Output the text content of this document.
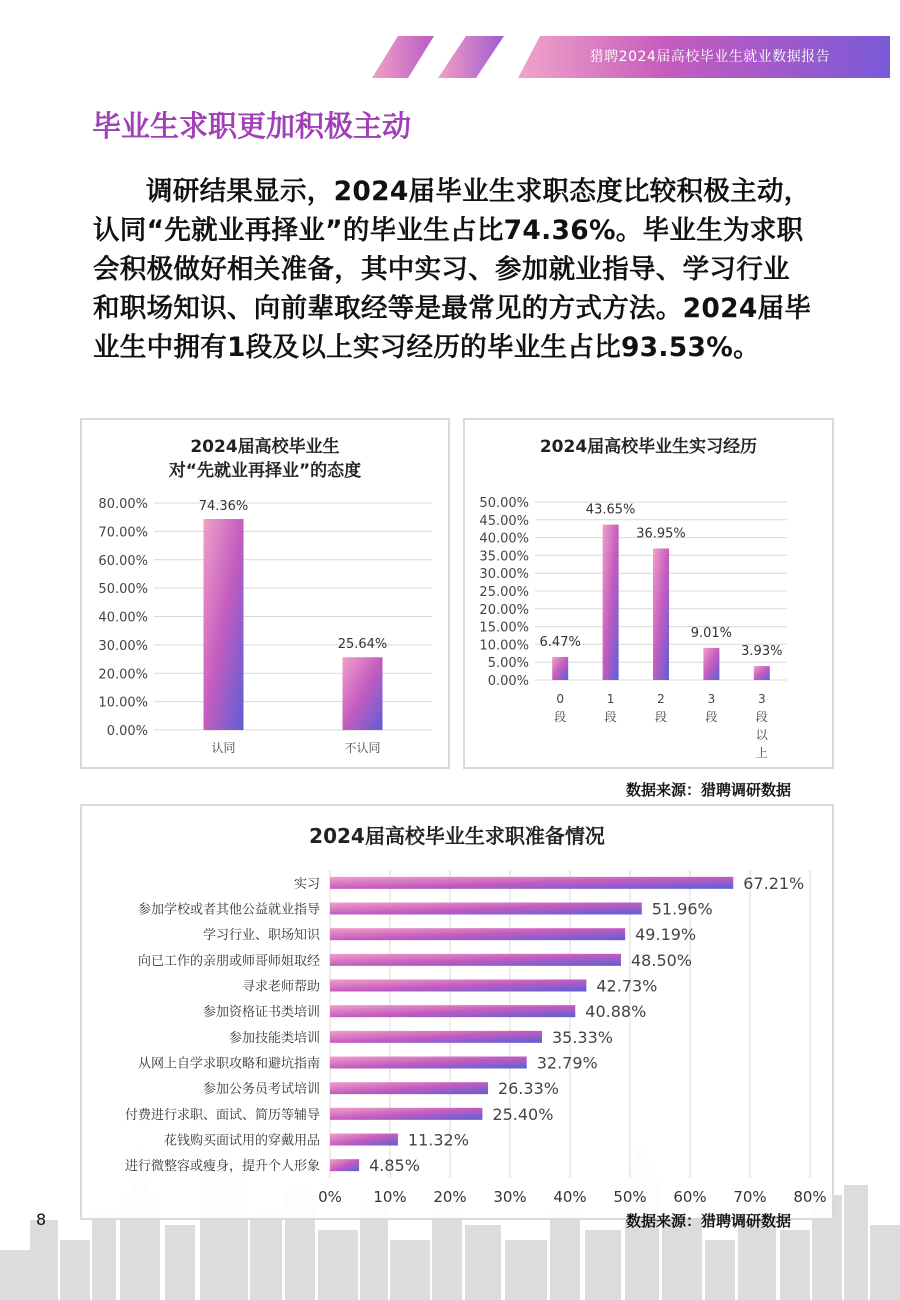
猎聘2024届高校毕业生就业数据报告
毕业生求职更加积极主动
调研结果显示，2024届毕业生求职态度比较积极主动，认同“先就业再择业”的毕业生占比74.36%。毕业生为求职会积极做好相关准备，其中实习、参加就业指导、学习行业和职场知识、向前辈取经等是最常见的方式方法。2024届毕业生中拥有1段及以上实习经历的毕业生占比93.53%。
2024届高校毕业生
对“先就业再择业”的态度
0.00%
10.00%
20.00%
30.00%
40.00%
50.00%
60.00%
70.00%
80.00%	74.36%
认同
25.64%
不认同
2024届高校毕业生实习经历
0.00%
5.00%
10.00%
15.00%
20.00%
25.00%
30.00%
35.00%
40.00%
45.00%
50.00%
6.47%
0 段
43.65%
1 段
36.95%
2 段
9.01%
3 段
3.93%
3 段以上
数据来源：猎聘调研数据
2024届高校毕业生求职准备情况
0% 10% 20% 30% 40% 50% 60% 70% 80%
67.21%
实习
51.96%
参加学校或者其他公益就业指导
49.19%
学习行业、职场知识
48.50%
向已工作的亲朋或师哥师姐取经
42.73%
寻求老师帮助
40.88%
参加资格证书类培训
35.33%
参加技能类培训
32.79%
从网上自学求职攻略和避坑指南
26.33%
参加公务员考试培训
25.40%
付费进行求职、面试、简历等辅导
11.32%
花钱购买面试用的穿戴用品
4.85%
进行微整容或瘦身，提升个人形象
数据来源：猎聘调研数据
8
